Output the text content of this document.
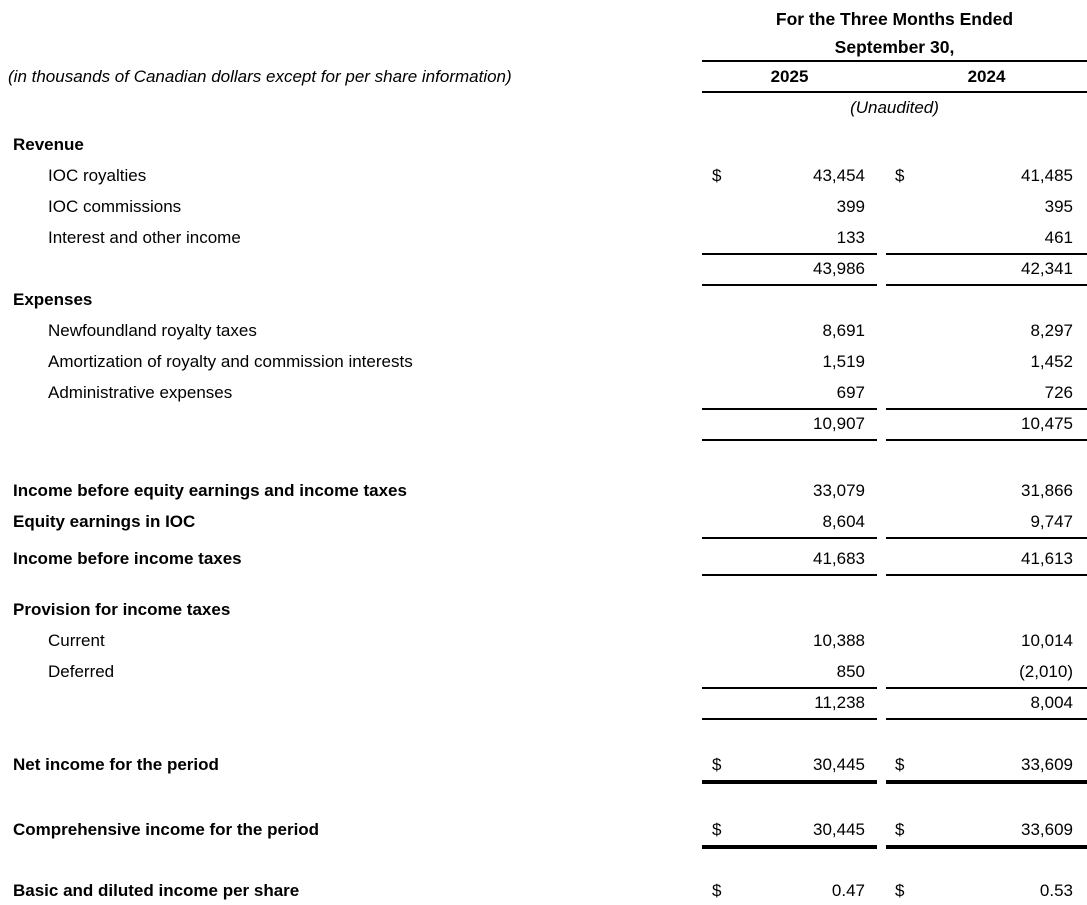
For the Three Months Ended
September 30,
(in thousands of Canadian dollars except for per share information)	2025	2024
(Unaudited)
Revenue
IOC royalties	$	43,454	$	41,485
IOC commissions	399	395
Interest and other income	133	461
43,986	42,341
Expenses
Newfoundland royalty taxes	8,691	8,297
Amortization of royalty and commission interests	1,519	1,452
Administrative expenses	697	726
10,907	10,475
Income before equity earnings and income taxes	33,079	31,866
Equity earnings in IOC	8,604	9,747
Income before income taxes	41,683	41,613
Provision for income taxes
Current	10,388	10,014
Deferred	850	(2,010)
11,238	8,004
Net income for the period	$	30,445	$	33,609
Comprehensive income for the period	$	30,445	$	33,609
Basic and diluted income per share	$	0.47	$	0.53
